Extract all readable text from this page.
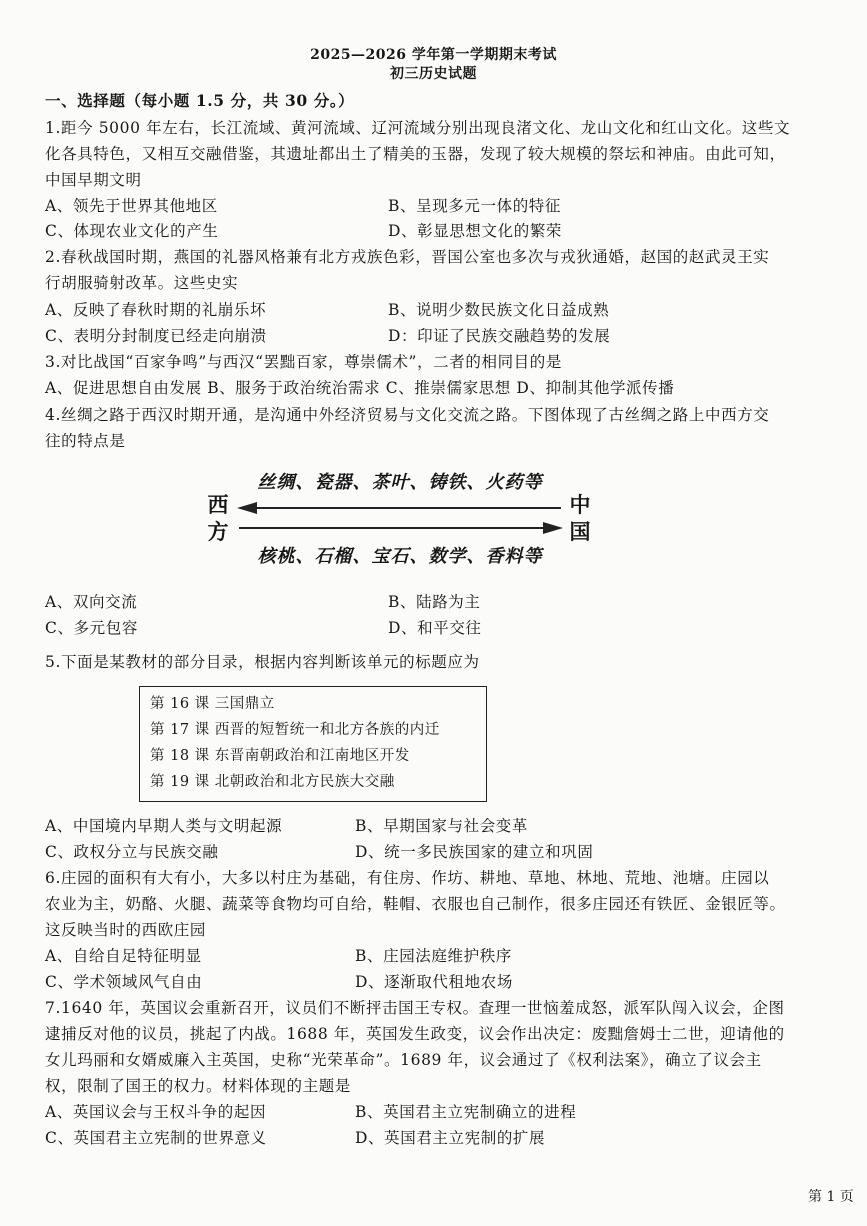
2025—2026 学年第一学期期末考试
初三历史试题
一、选择题（每小题 1.5 分，共 30 分。）
1.距今 5000 年左右，长江流域、黄河流域、辽河流域分别出现良渚文化、龙山文化和红山文化。这些文
化各具特色，又相互交融借鉴，其遗址都出土了精美的玉器，发现了较大规模的祭坛和神庙。由此可知，
中国早期文明
A、领先于世界其他地区	B、呈现多元一体的特征
C、体现农业文化的产生	D、彰显思想文化的繁荣
2.春秋战国时期，燕国的礼器风格兼有北方戎族色彩，晋国公室也多次与戎狄通婚，赵国的赵武灵王实
行胡服骑射改革。这些史实
A、反映了春秋时期的礼崩乐坏	B、说明少数民族文化日益成熟
C、表明分封制度已经走向崩溃	D：印证了民族交融趋势的发展
3.对比战国“百家争鸣”与西汉“罢黜百家，尊崇儒术”，二者的相同目的是
A、促进思想自由发展 B、服务于政治统治需求 C、推崇儒家思想 D、抑制其他学派传播
4.丝绸之路于西汉时期开通，是沟通中外经济贸易与文化交流之路。下图体现了古丝绸之路上中西方交
往的特点是
丝绸、瓷器、茶叶、铸铁、火药等
西
方
中
国
核桃、石榴、宝石、数学、香料等
A、双向交流	B、陆路为主
C、多元包容	D、和平交往
5.下面是某教材的部分目录，根据内容判断该单元的标题应为
第 16 课 三国鼎立
第 17 课 西晋的短暂统一和北方各族的内迁
第 18 课 东晋南朝政治和江南地区开发
第 19 课 北朝政治和北方民族大交融
A、中国境内早期人类与文明起源	B、早期国家与社会变革
C、政权分立与民族交融	D、统一多民族国家的建立和巩固
6.庄园的面积有大有小，大多以村庄为基础，有住房、作坊、耕地、草地、林地、荒地、池塘。庄园以
农业为主，奶酪、火腿、蔬菜等食物均可自给，鞋帽、衣服也自己制作，很多庄园还有铁匠、金银匠等。
这反映当时的西欧庄园
A、自给自足特征明显	B、庄园法庭维护秩序
C、学术领域风气自由	D、逐渐取代租地农场
7.1640 年，英国议会重新召开，议员们不断抨击国王专权。查理一世恼羞成怒，派军队闯入议会，企图
逮捕反对他的议员，挑起了内战。1688 年，英国发生政变，议会作出决定：废黜詹姆士二世，迎请他的
女儿玛丽和女婿威廉入主英国，史称“光荣革命”。1689 年，议会通过了《权利法案》，确立了议会主
权，限制了国王的权力。材料体现的主题是
A、英国议会与王权斗争的起因	B、英国君主立宪制确立的进程
C、英国君主立宪制的世界意义	D、英国君主立宪制的扩展
第 1 页
